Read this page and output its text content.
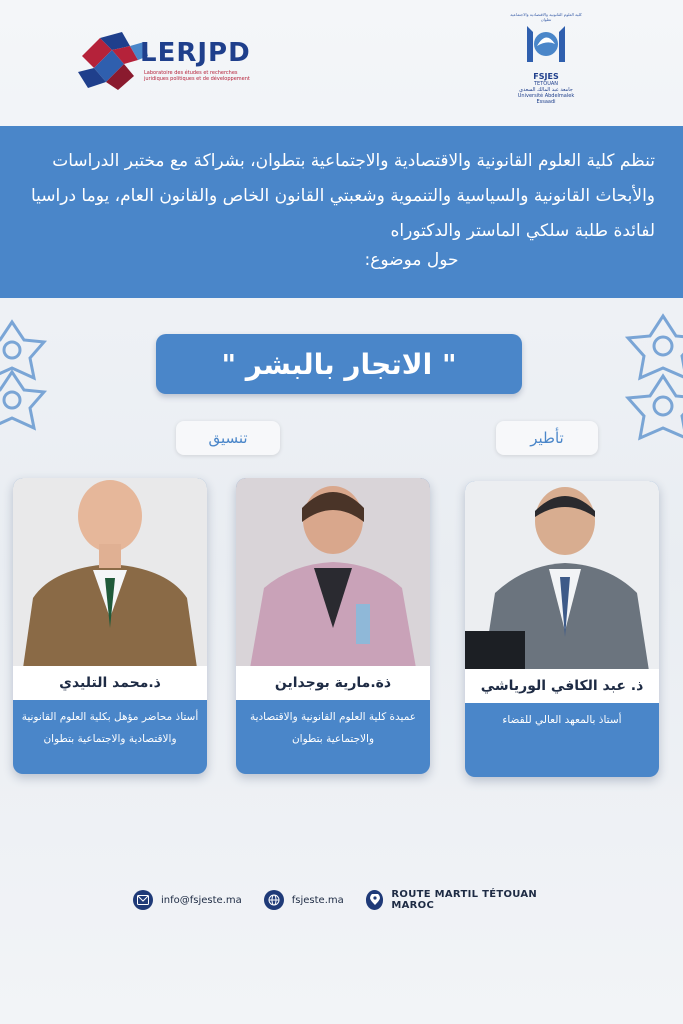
LERJPD
Laboratoire des études et recherches juridiques politiques et de développement
كلية العلوم القانونية والاقتصادية والاجتماعية تطوان
FSJES
TETOUAN
جامعة عبد المالك السعدي
Université Abdelmalek Essaadi

تنظم كلية العلوم القانونية والاقتصادية والاجتماعية بتطوان، بشراكة مع مختبر الدراسات والأبحاث القانونية والسياسية والتنموية وشعبتي القانون الخاص والقانون العام، يوما دراسيا لفائدة طلبة سلكي الماستر والدكتوراه

حول موضوع:
" الاتجار بالبشر "
تنسيق	تأطير
ذ.محمد التليدي
أستاذ محاضر مؤهل بكلية العلوم القانونية والاقتصادية والاجتماعية بتطوان
ذة.مارية بوجداين
عميدة كلية العلوم القانونية والاقتصادية والاجتماعية بتطوان
ذ. عبد الكافي الورياشي
أستاذ بالمعهد العالي للقضاء
info@fsjeste.ma	fsjeste.ma	ROUTE MARTIL TÉTOUAN MAROC
